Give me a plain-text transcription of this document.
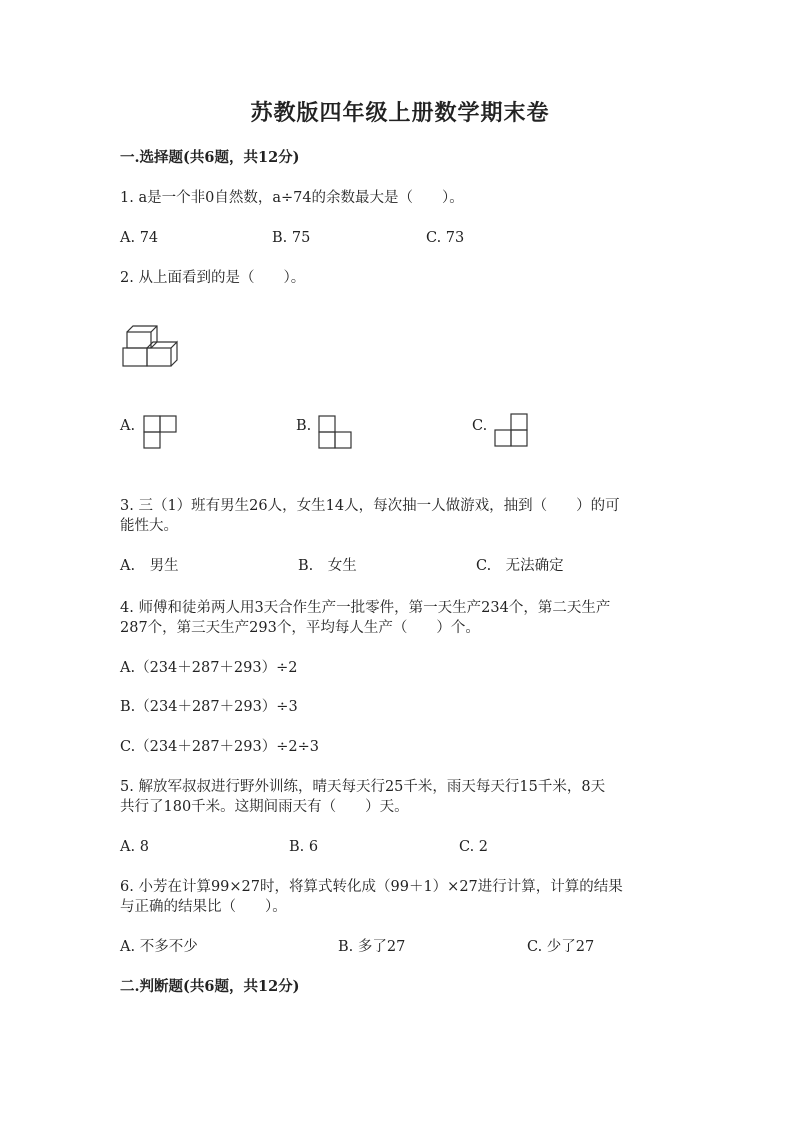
苏教版四年级上册数学期末卷
一.选择题(共6题，共12分)
1. a是一个非0自然数，a÷74的余数最大是（　　）。
A. 74	B. 75	C. 73
2. 从上面看到的是（　　）。
A.	B.	C.
3. 三（1）班有男生26人，女生14人，每次抽一人做游戏，抽到（　　）的可
能性大。
A.　男生	B.　女生	C.　无法确定
4. 师傅和徒弟两人用3天合作生产一批零件，第一天生产234个，第二天生产
287个，第三天生产293个，平均每人生产（　　）个。
A.（234＋287＋293）÷2
B.（234＋287＋293）÷3
C.（234＋287＋293）÷2÷3
5. 解放军叔叔进行野外训练，晴天每天行25千米，雨天每天行15千米，8天
共行了180千米。这期间雨天有（　　）天。
A. 8	B. 6	C. 2
6. 小芳在计算99×27时，将算式转化成（99＋1）×27进行计算，计算的结果
与正确的结果比（　　）。
A. 不多不少	B. 多了27	C. 少了27
二.判断题(共6题，共12分)
